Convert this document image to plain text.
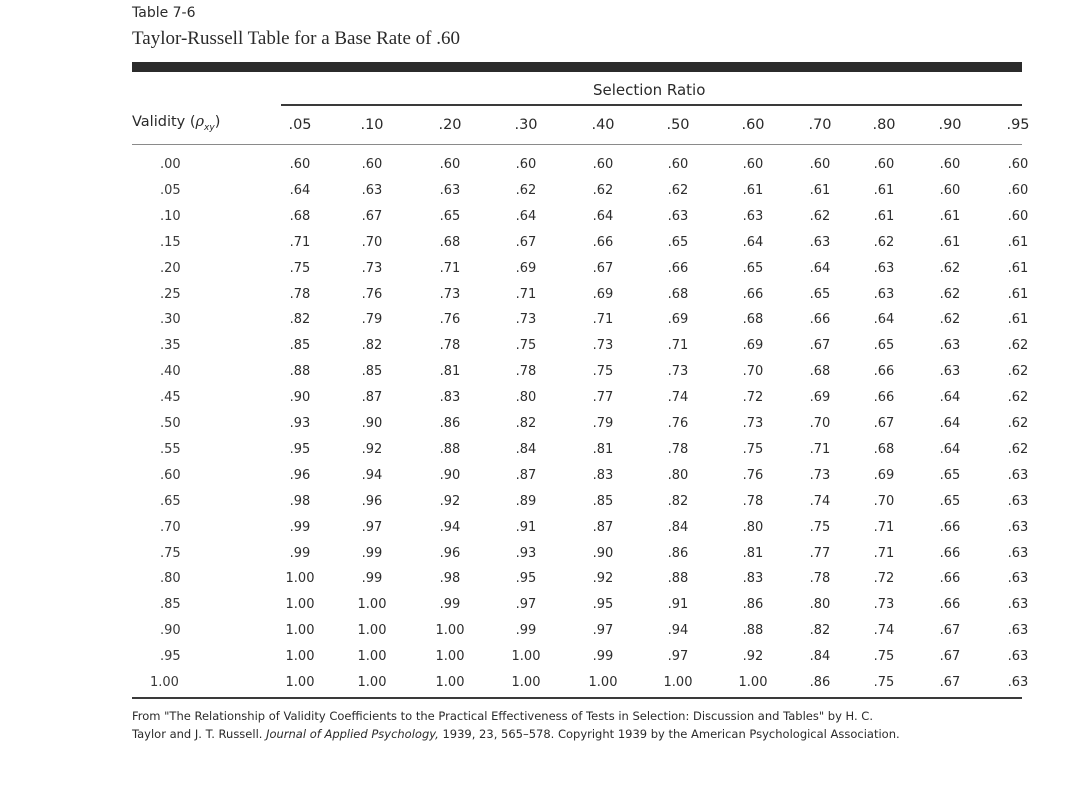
Table 7-6
Taylor-Russell Table for a Base Rate of .60
Selection Ratio
Validity $(\rho_{xy})$	.05	.10	.20	.30	.40	.50	.60	.70	.80	.90	.95
.00	.60	.60	.60	.60	.60	.60	.60	.60	.60	.60	.60
.05	.64	.63	.63	.62	.62	.62	.61	.61	.61	.60	.60
.10	.68	.67	.65	.64	.64	.63	.63	.62	.61	.61	.60
.15	.71	.70	.68	.67	.66	.65	.64	.63	.62	.61	.61
.20	.75	.73	.71	.69	.67	.66	.65	.64	.63	.62	.61
.25	.78	.76	.73	.71	.69	.68	.66	.65	.63	.62	.61
.30	.82	.79	.76	.73	.71	.69	.68	.66	.64	.62	.61
.35	.85	.82	.78	.75	.73	.71	.69	.67	.65	.63	.62
.40	.88	.85	.81	.78	.75	.73	.70	.68	.66	.63	.62
.45	.90	.87	.83	.80	.77	.74	.72	.69	.66	.64	.62
.50	.93	.90	.86	.82	.79	.76	.73	.70	.67	.64	.62
.55	.95	.92	.88	.84	.81	.78	.75	.71	.68	.64	.62
.60	.96	.94	.90	.87	.83	.80	.76	.73	.69	.65	.63
.65	.98	.96	.92	.89	.85	.82	.78	.74	.70	.65	.63
.70	.99	.97	.94	.91	.87	.84	.80	.75	.71	.66	.63
.75	.99	.99	.96	.93	.90	.86	.81	.77	.71	.66	.63
.80	1.00	.99	.98	.95	.92	.88	.83	.78	.72	.66	.63
.85	1.00	1.00	.99	.97	.95	.91	.86	.80	.73	.66	.63
.90	1.00	1.00	1.00	.99	.97	.94	.88	.82	.74	.67	.63
.95	1.00	1.00	1.00	1.00	.99	.97	.92	.84	.75	.67	.63
1.00	1.00	1.00	1.00	1.00	1.00	1.00	1.00	.86	.75	.67	.63
From "The Relationship of Validity Coefficients to the Practical Effectiveness of Tests in Selection: Discussion and Tables" by H. C.
Taylor and J. T. Russell. Journal of Applied Psychology, 1939, 23, 565–578. Copyright 1939 by the American Psychological Association.
